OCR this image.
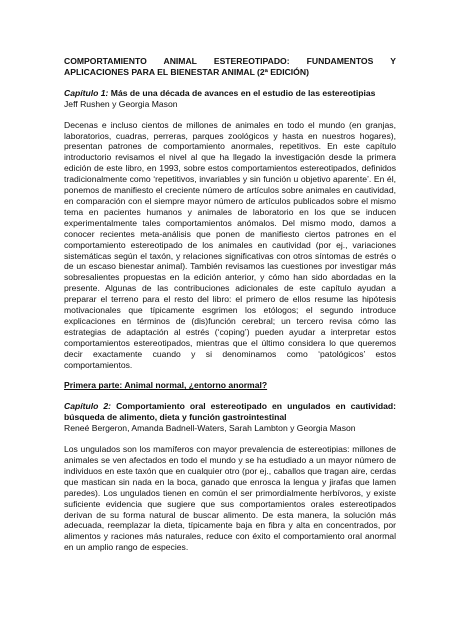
COMPORTAMIENTO ANIMAL ESTEREOTIPADO: FUNDAMENTOS Y APLICACIONES PARA EL BIENESTAR ANIMAL (2ª EDICIÓN)

Capítulo 1: Más de una década de avances en el estudio de las estereotipias

Jeff Rushen y Georgia Mason

Decenas e incluso cientos de millones de animales en todo el mundo (en granjas, laboratorios, cuadras, perreras, parques zoológicos y hasta en nuestros hogares), presentan patrones de comportamiento anormales, repetitivos. En este capítulo introductorio revisamos el nivel al que ha llegado la investigación desde la primera edición de este libro, en 1993, sobre estos comportamientos estereotipados, definidos tradicionalmente como ‘repetitivos, invariables y sin función u objetivo aparente’. En él, ponemos de manifiesto el creciente número de artículos sobre animales en cautividad, en comparación con el siempre mayor número de artículos publicados sobre el mismo tema en pacientes humanos y animales de laboratorio en los que se inducen experimentalmente tales comportamientos anómalos. Del mismo modo, damos a conocer recientes meta-análisis que ponen de manifiesto ciertos patrones en el comportamiento estereotipado de los animales en cautividad (por ej., variaciones sistemáticas según el taxón, y relaciones significativas con otros síntomas de estrés o de un escaso bienestar animal). También revisamos las cuestiones por investigar más sobresalientes propuestas en la edición anterior, y cómo han sido abordadas en la presente. Algunas de las contribuciones adicionales de este capítulo ayudan a preparar el terreno para el resto del libro: el primero de ellos resume las hipótesis motivacionales que típicamente esgrimen los etólogos; el segundo introduce explicaciones en términos de (dis)función cerebral; un tercero revisa cómo las estrategias de adaptación al estrés (‘coping’) pueden ayudar a interpretar estos comportamientos estereotipados, mientras que el último considera lo que queremos decir exactamente cuando y si denominamos como ‘patológicos’ estos comportamientos.

Primera parte: Animal normal, ¿entorno anormal?

Capítulo 2: Comportamiento oral estereotipado en ungulados en cautividad: búsqueda de alimento, dieta y función gastrointestinal

Reneé Bergeron, Amanda Badnell-Waters, Sarah Lambton y Georgia Mason

Los ungulados son los mamíferos con mayor prevalencia de estereotipias: millones de animales se ven afectados en todo el mundo y se ha estudiado a un mayor número de individuos en este taxón que en cualquier otro (por ej., caballos que tragan aire, cerdas que mastican sin nada en la boca, ganado que enrosca la lengua y jirafas que lamen paredes). Los ungulados tienen en común el ser primordialmente herbívoros, y existe suficiente evidencia que sugiere que sus comportamientos orales estereotipados derivan de su forma natural de buscar alimento. De esta manera, la solución más adecuada, reemplazar la dieta, típicamente baja en fibra y alta en concentrados, por alimentos y raciones más naturales, reduce con éxito el comportamiento oral anormal en un amplio rango de especies.
